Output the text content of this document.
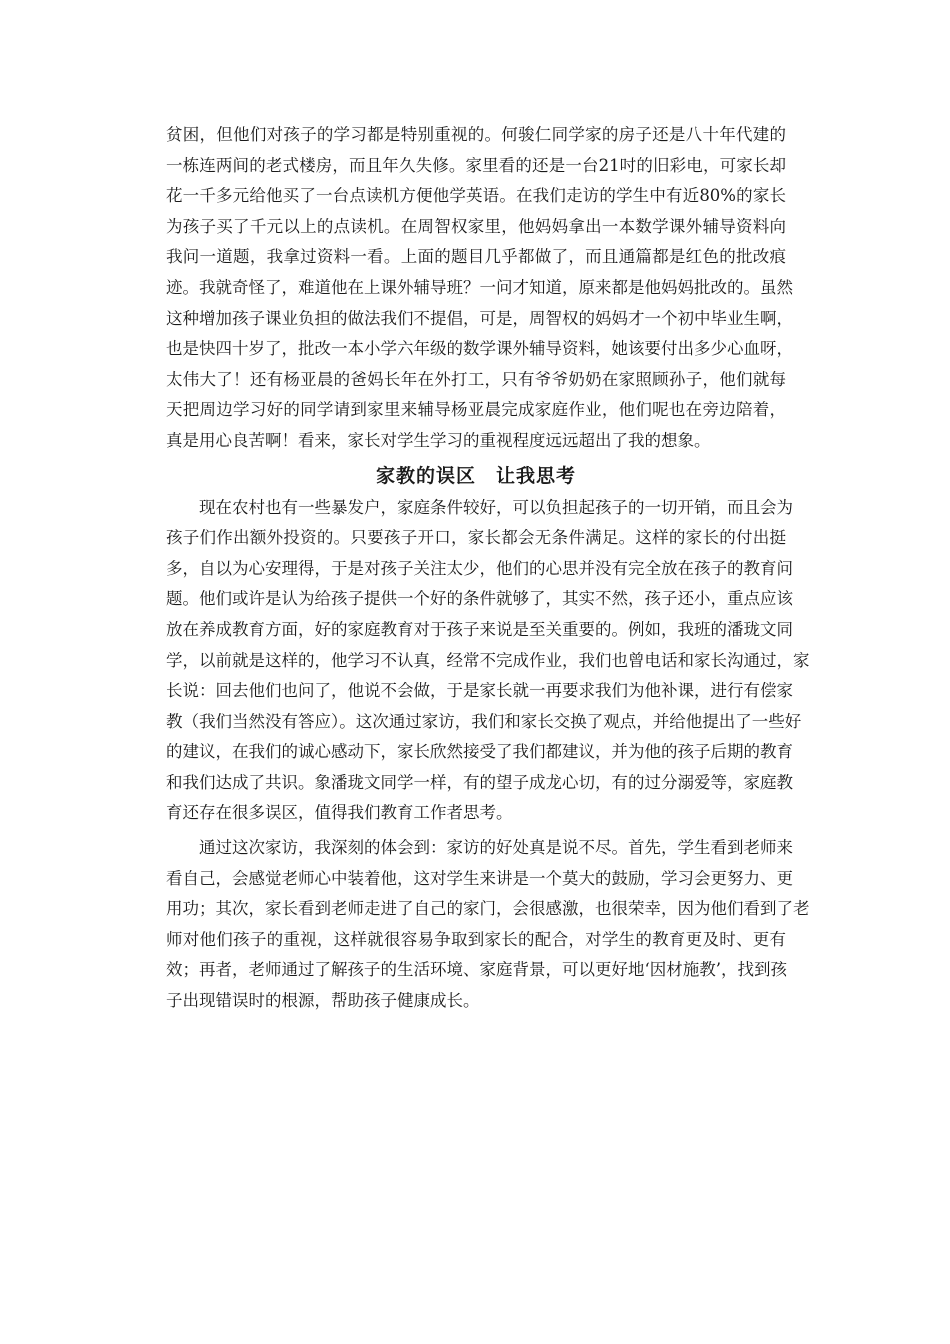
贫困，但他们对孩子的学习都是特别重视的。何骏仁同学家的房子还是八十年代建的
一栋连两间的老式楼房，而且年久失修。家里看的还是一台21吋的旧彩电，可家长却
花一千多元给他买了一台点读机方便他学英语。在我们走访的学生中有近80%的家长
为孩子买了千元以上的点读机。在周智权家里，他妈妈拿出一本数学课外辅导资料向
我问一道题，我拿过资料一看。上面的题目几乎都做了，而且通篇都是红色的批改痕
迹。我就奇怪了，难道他在上课外辅导班？一问才知道，原来都是他妈妈批改的。虽然
这种增加孩子课业负担的做法我们不提倡，可是，周智权的妈妈才一个初中毕业生啊，
也是快四十岁了，批改一本小学六年级的数学课外辅导资料，她该要付出多少心血呀，
太伟大了！还有杨亚晨的爸妈长年在外打工，只有爷爷奶奶在家照顾孙子，他们就每
天把周边学习好的同学请到家里来辅导杨亚晨完成家庭作业，他们呢也在旁边陪着，
真是用心良苦啊！看来，家长对学生学习的重视程度远远超出了我的想象。
家教的误区　让我思考
现在农村也有一些暴发户，家庭条件较好，可以负担起孩子的一切开销，而且会为
孩子们作出额外投资的。只要孩子开口，家长都会无条件满足。这样的家长的付出挺
多，自以为心安理得，于是对孩子关注太少，他们的心思并没有完全放在孩子的教育问
题。他们或许是认为给孩子提供一个好的条件就够了，其实不然，孩子还小，重点应该
放在养成教育方面，好的家庭教育对于孩子来说是至关重要的。例如，我班的潘珑文同
学，以前就是这样的，他学习不认真，经常不完成作业，我们也曾电话和家长沟通过，家
长说：回去他们也问了，他说不会做，于是家长就一再要求我们为他补课，进行有偿家
教（我们当然没有答应）。这次通过家访，我们和家长交换了观点，并给他提出了一些好
的建议，在我们的诚心感动下，家长欣然接受了我们都建议，并为他的孩子后期的教育
和我们达成了共识。象潘珑文同学一样，有的望子成龙心切，有的过分溺爱等，家庭教
育还存在很多误区，值得我们教育工作者思考。
通过这次家访，我深刻的体会到：家访的好处真是说不尽。首先，学生看到老师来
看自己，会感觉老师心中装着他，这对学生来讲是一个莫大的鼓励，学习会更努力、更
用功；其次，家长看到老师走进了自己的家门，会很感激，也很荣幸，因为他们看到了老
师对他们孩子的重视，这样就很容易争取到家长的配合，对学生的教育更及时、更有
效；再者，老师通过了解孩子的生活环境、家庭背景，可以更好地‘因材施教’，找到孩
子出现错误时的根源，帮助孩子健康成长。
